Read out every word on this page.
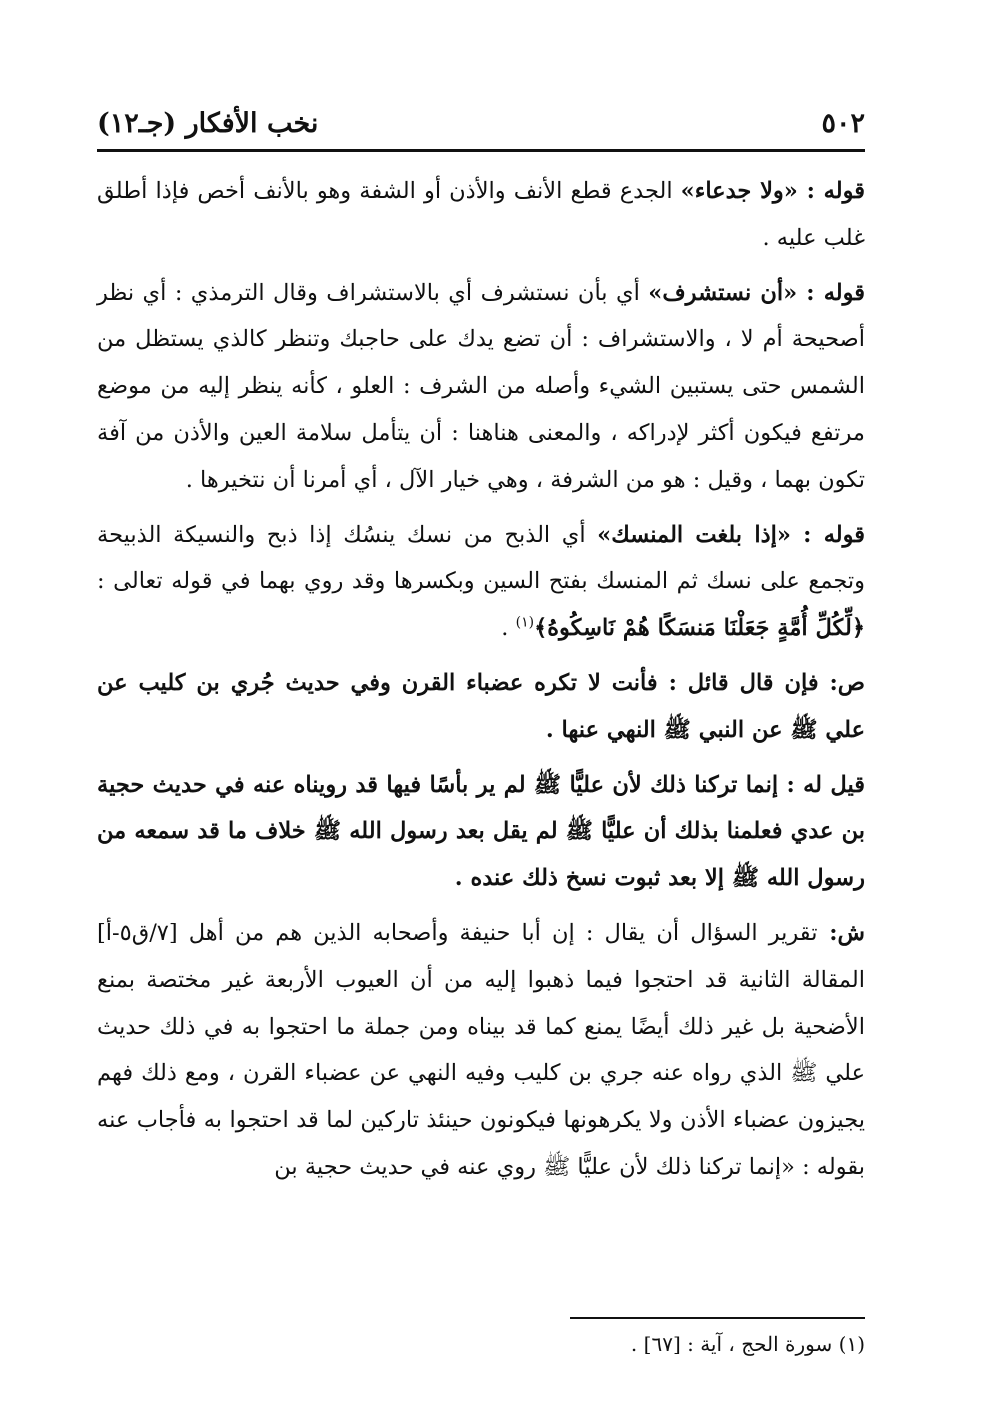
٥٠٢
نخب الأفكار (جـ١٢)

قوله : «ولا جدعاء» الجدع قطع الأنف والأذن أو الشفة وهو بالأنف أخص فإذا أطلق غلب عليه .

قوله : «أن نستشرف» أي بأن نستشرف أي بالاستشراف وقال الترمذي : أي نظر أصحيحة أم لا ، والاستشراف : أن تضع يدك على حاجبك وتنظر كالذي يستظل من الشمس حتى يستبين الشيء وأصله من الشرف : العلو ، كأنه ينظر إليه من موضع مرتفع فيكون أكثر لإدراكه ، والمعنى هناهنا : أن يتأمل سلامة العين والأذن من آفة تكون بهما ، وقيل : هو من الشرفة ، وهي خيار الآل ، أي أمرنا أن نتخيرها .

قوله : «إذا بلغت المنسك» أي الذبح من نسك ينسُك إذا ذبح والنسيكة الذبيحة وتجمع على نسك ثم المنسك بفتح السين وبكسرها وقد روي بهما في قوله تعالى : ﴿لِّكُلِّ أُمَّةٍ جَعَلْنَا مَنسَكًا هُمْ نَاسِكُوهُ﴾$^{(١)}$ .

ص: فإن قال قائل : فأنت لا تكره عضباء القرن وفي حديث جُري بن كليب عن علي ﷺ عن النبي ﷺ النهي عنها .

قيل له : إنما تركنا ذلك لأن عليًّا ﷺ لم ير بأسًا فيها قد رويناه عنه في حديث حجية بن عدي فعلمنا بذلك أن عليًّا ﷺ لم يقل بعد رسول الله ﷺ خلاف ما قد سمعه من رسول الله ﷺ إلا بعد ثبوت نسخ ذلك عنده .

ش: تقرير السؤال أن يقال : إن أبا حنيفة وأصحابه الذين هم من أهل [٧/ق٥-أ] المقالة الثانية قد احتجوا فيما ذهبوا إليه من أن العيوب الأربعة غير مختصة بمنع الأضحية بل غير ذلك أيضًا يمنع كما قد بيناه ومن جملة ما احتجوا به في ذلك حديث علي ﷺ الذي رواه عنه جري بن كليب وفيه النهي عن عضباء القرن ، ومع ذلك فهم يجيزون عضباء الأذن ولا يكرهونها فيكونون حينئذ تاركين لما قد احتجوا به فأجاب عنه بقوله : «إنما تركنا ذلك لأن عليًّا ﷺ روي عنه في حديث حجية بن

(١) سورة الحج ، آية : [٦٧] .
